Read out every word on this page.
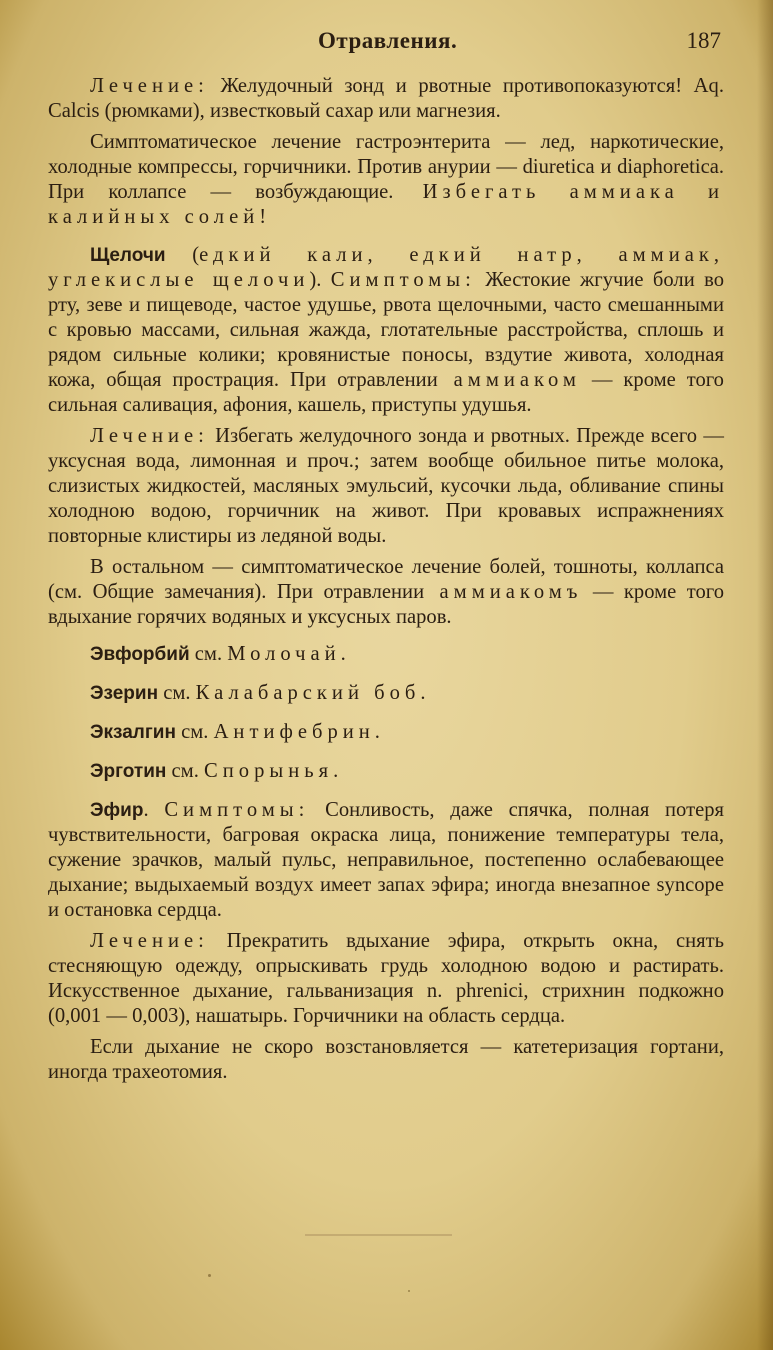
Отравления.	187

Лечение: Желудочный зонд и рвотные противопоказуются! Aq. Calcis (рюмками), известковый сахар или магнезия.

Симптоматическое лечение гастроэнтерита — лед, наркотические, холодные компрессы, горчичники. Против анурии — diuretica и diaphoretica. При коллапсе — возбуждающие. Избегать аммиака и калийных солей!

Щелочи (едкий кали, едкий натр, аммиак, углекислые щелочи). Симптомы: Жестокие жгучие боли во рту, зеве и пищеводе, частое удушье, рвота щелочными, часто смешанными с кровью массами, сильная жажда, глотательные расстройства, сплошь и рядом сильные колики; кровянистые поносы, вздутие живота, холодная кожа, общая прострация. При отравлении аммиаком — кроме того сильная саливация, афония, кашель, приступы удушья.

Лечение: Избегать желудочного зонда и рвотных. Прежде всего — уксусная вода, лимонная и проч.; затем вообще обильное питье молока, слизистых жидкостей, масляных эмульсий, кусочки льда, обливание спины холодною водою, горчичник на живот. При кровавых испражнениях повторные клистиры из ледяной воды.

В остальном — симптоматическое лечение болей, тошноты, коллапса (см. Общие замечания). При отравлении аммиакомъ — кроме того вдыхание горячих водяных и уксусных паров.

Эвфорбий см. Молочай.

Эзерин см. Калабарский боб.

Экзалгин см. Антифебрин.

Эрготин см. Спорынья.

Эфир. Симптомы: Сонливость, даже спячка, полная потеря чувствительности, багровая окраска лица, понижение температуры тела, сужение зрачков, малый пульс, неправильное, постепенно ослабевающее дыхание; выдыхаемый воздух имеет запах эфира; иногда внезапное syncope и остановка сердца.

Лечение: Прекратить вдыхание эфира, открыть окна, снять стесняющую одежду, опрыскивать грудь холодною водою и растирать. Искусственное дыхание, гальванизация n. phrenici, стрихнин подкожно (0,001 — 0,003), нашатырь. Горчичники на область сердца.

Если дыхание не скоро возстановляется — катетеризация гортани, иногда трахеотомия.
